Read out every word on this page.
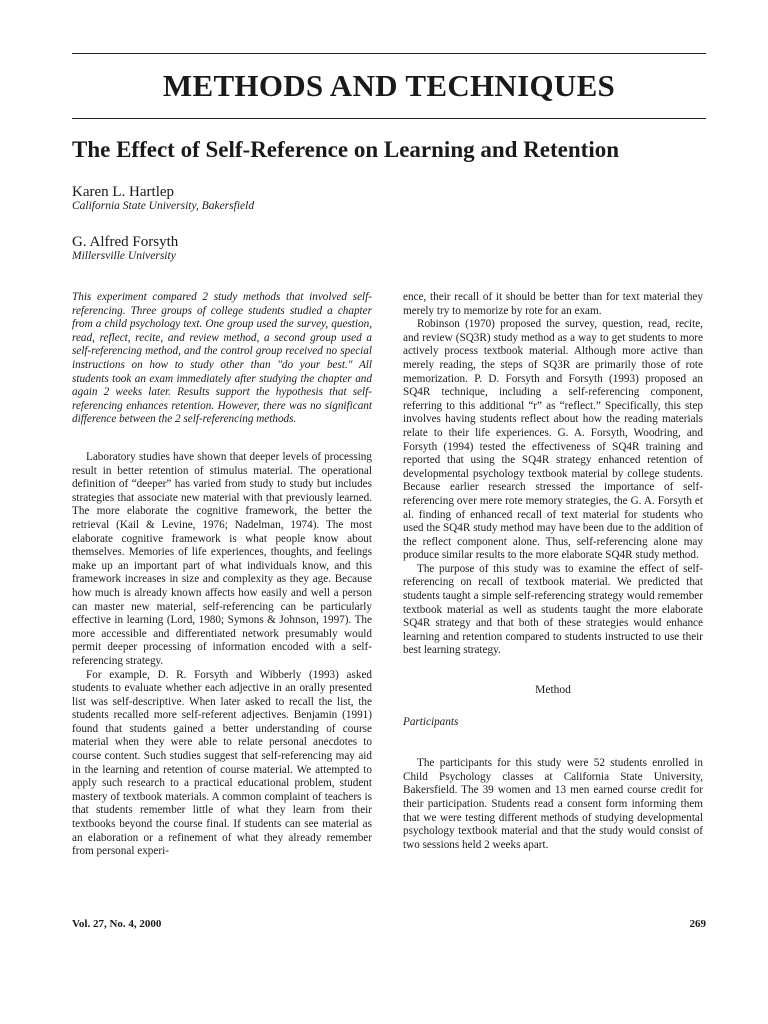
METHODS AND TECHNIQUES
The Effect of Self-Reference on Learning and Retention
Karen L. Hartlep
California State University, Bakersfield
G. Alfred Forsyth
Millersville University

This experiment compared 2 study methods that involved self-referencing. Three groups of college students studied a chapter from a child psychology text. One group used the survey, question, read, reflect, recite, and review method, a second group used a self-referencing method, and the control group received no special instructions on how to study other than "do your best." All students took an exam immediately after studying the chapter and again 2 weeks later. Results support the hypothesis that self-referencing enhances retention. However, there was no significant difference between the 2 self-referencing methods.

Laboratory studies have shown that deeper levels of processing result in better retention of stimulus material. The operational definition of “deeper” has varied from study to study but includes strategies that associate new material with that previously learned. The more elaborate the cognitive framework, the better the retrieval (Kail & Levine, 1976; Nadelman, 1974). The most elaborate cognitive framework is what people know about themselves. Memories of life experiences, thoughts, and feelings make up an important part of what individuals know, and this framework increases in size and complexity as they age. Because how much is already known affects how easily and well a person can master new material, self-referencing can be particularly effective in learning (Lord, 1980; Symons & Johnson, 1997). The more accessible and differentiated network presumably would permit deeper processing of information encoded with a self-referencing strategy.

For example, D. R. Forsyth and Wibberly (1993) asked students to evaluate whether each adjective in an orally presented list was self-descriptive. When later asked to recall the list, the students recalled more self-referent adjectives. Benjamin (1991) found that students gained a better understanding of course material when they were able to relate personal anecdotes to course content. Such studies suggest that self-referencing may aid in the learning and retention of course material. We attempted to apply such research to a practical educational problem, student mastery of textbook materials. A common complaint of teachers is that students remember little of what they learn from their textbooks beyond the course final. If students can see material as an elaboration or a refinement of what they already remember from personal experi-

ence, their recall of it should be better than for text material they merely try to memorize by rote for an exam.

Robinson (1970) proposed the survey, question, read, recite, and review (SQ3R) study method as a way to get students to more actively process textbook material. Although more active than merely reading, the steps of SQ3R are primarily those of rote memorization. P. D. Forsyth and Forsyth (1993) proposed an SQ4R technique, including a self-referencing component, referring to this additional “r” as “reflect.” Specifically, this step involves having students reflect about how the reading materials relate to their life experiences. G. A. Forsyth, Woodring, and Forsyth (1994) tested the effectiveness of SQ4R training and reported that using the SQ4R strategy enhanced retention of developmental psychology textbook material by college students. Because earlier research stressed the importance of self-referencing over mere rote memory strategies, the G. A. Forsyth et al. finding of enhanced recall of text material for students who used the SQ4R study method may have been due to the addition of the reflect component alone. Thus, self-referencing alone may produce similar results to the more elaborate SQ4R study method.

The purpose of this study was to examine the effect of self-referencing on recall of textbook material. We predicted that students taught a simple self-referencing strategy would remember textbook material as well as students taught the more elaborate SQ4R strategy and that both of these strategies would enhance learning and retention compared to students instructed to use their best learning strategy.

Method

Participants

The participants for this study were 52 students enrolled in Child Psychology classes at California State University, Bakersfield. The 39 women and 13 men earned course credit for their participation. Students read a consent form informing them that we were testing different methods of studying developmental psychology textbook material and that the study would consist of two sessions held 2 weeks apart.

Vol. 27, No. 4, 2000	269
